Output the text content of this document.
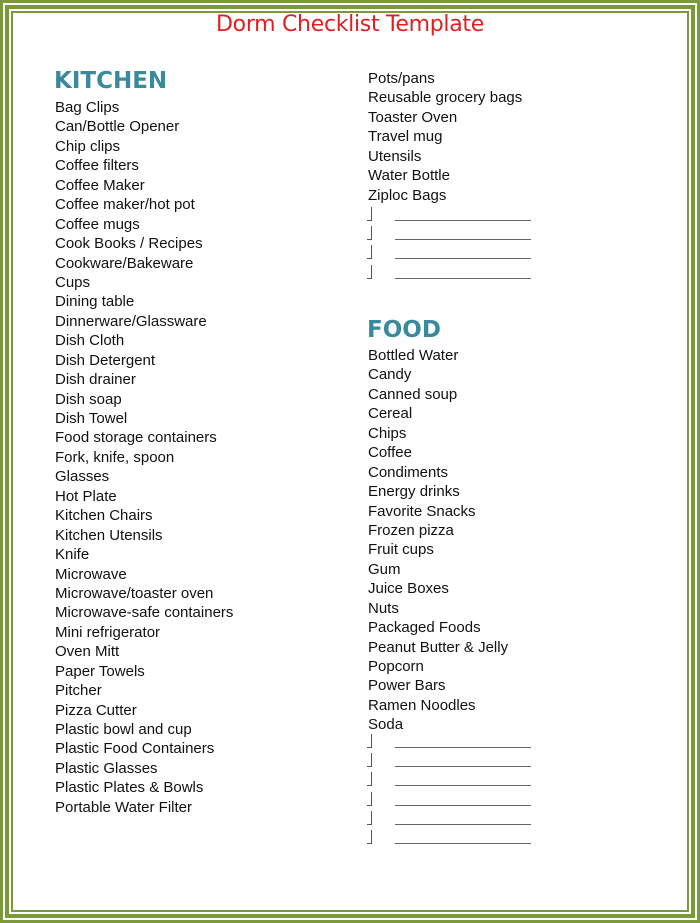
Dorm Checklist Template
KITCHEN
Bag Clips
Can/Bottle Opener
Chip clips
Coffee filters
Coffee Maker
Coffee maker/hot pot
Coffee mugs
Cook Books / Recipes
Cookware/Bakeware
Cups
Dining table
Dinnerware/Glassware
Dish Cloth
Dish Detergent
Dish drainer
Dish soap
Dish Towel
Food storage containers
Fork, knife, spoon
Glasses
Hot Plate
Kitchen Chairs
Kitchen Utensils
Knife
Microwave
Microwave/toaster oven
Microwave-safe containers
Mini refrigerator
Oven Mitt
Paper Towels
Pitcher
Pizza Cutter
Plastic bowl and cup
Plastic Food Containers
Plastic Glasses
Plastic Plates & Bowls
Portable Water Filter
Pots/pans
Reusable grocery bags
Toaster Oven
Travel mug
Utensils
Water Bottle
Ziploc Bags
FOOD
Bottled Water
Candy
Canned soup
Cereal
Chips
Coffee
Condiments
Energy drinks
Favorite Snacks
Frozen pizza
Fruit cups
Gum
Juice Boxes
Nuts
Packaged Foods
Peanut Butter & Jelly
Popcorn
Power Bars
Ramen Noodles
Soda
